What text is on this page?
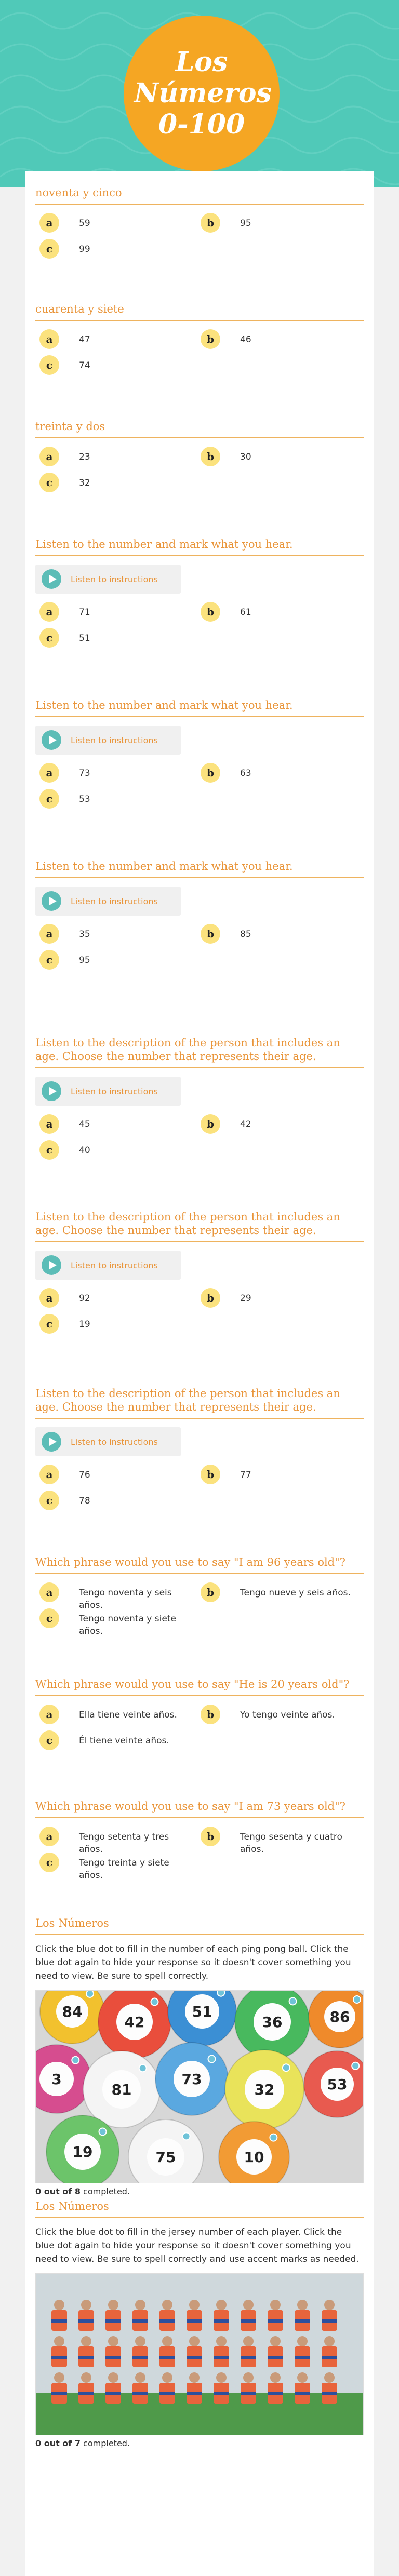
Los Números 0-100
noventa y cinco
a	59	b	95
c	99
cuarenta y siete
a	47	b	46
c	74
treinta y dos
a	23	b	30
c	32
Listen to the number and mark what you hear.
Listen to instructions
a	71	b	61
c	51
Listen to the number and mark what you hear.
Listen to instructions
a	73	b	63
c	53
Listen to the number and mark what you hear.
Listen to instructions
a	35	b	85
c	95
Listen to the description of the person that includes an age. Choose the number that represents their age.
Listen to instructions
a	45	b	42
c	40
Listen to the description of the person that includes an age. Choose the number that represents their age.
Listen to instructions
a	92	b	29
c	19
Listen to the description of the person that includes an age. Choose the number that represents their age.
Listen to instructions
a	76	b	77
c	78
Which phrase would you use to say "I am 96 years old"?
a	Tengo noventa y seis años.
b	Tengo nueve y seis años.
c	Tengo noventa y siete años.
Which phrase would you use to say "He is 20 years old"?
a	Ella tiene veinte años.	b	Yo tengo veinte años.
c	Él tiene veinte años.
Which phrase would you use to say "I am 73 years old"?
a	Tengo setenta y tres años.
b	Tengo sesenta y cuatro años.
c	Tengo treinta y siete años.
Los Números
Click the blue dot to fill in the number of each ping pong ball. Click the blue dot again to hide your response so it doesn't cover something you need to view. Be sure to spell correctly.
84
42
51
36	86
3
81
73
32	53
19	75	10
0 out of 8 completed.
Los Números
Click the blue dot to fill in the jersey number of each player. Click the blue dot again to hide your response so it doesn't cover something you need to view. Be sure to spell correctly and use accent marks as needed.
0 out of 7 completed.
